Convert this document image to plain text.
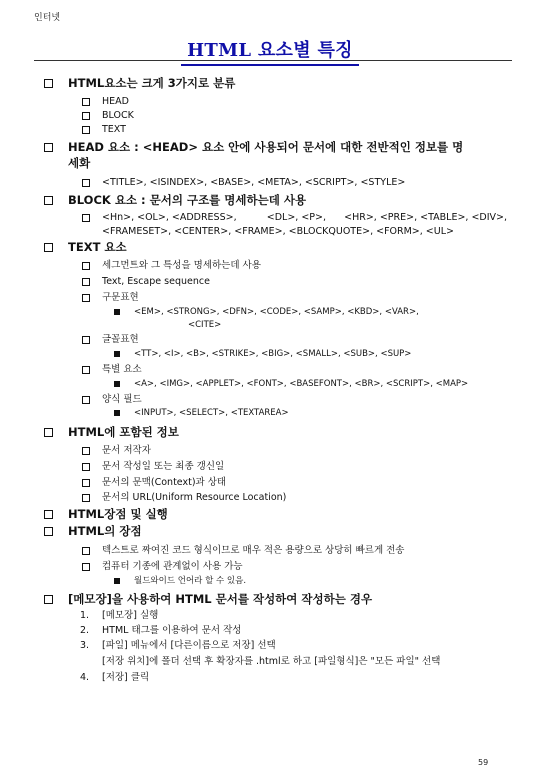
인터넷
HTML 요소별 특징
HTML요소는 크게 3가지로 분류
HEAD
BLOCK
TEXT
HEAD 요소 : <HEAD> 요소 안에 사용되어 문서에 대한 전반적인 정보를 명
세화
<TITLE>, <ISINDEX>, <BASE>, <META>, <SCRIPT>, <STYLE>
BLOCK 요소 : 문서의 구조를 명세하는데 사용
<Hn>, <OL>, <ADDRESS>,          <DL>, <P>,      <HR>, <PRE>, <TABLE>, <DIV>,
<FRAMESET>, <CENTER>, <FRAME>, <BLOCKQUOTE>, <FORM>, <UL>
TEXT 요소
세그먼트와 그 특성을 명세하는데 사용
Text, Escape sequence
구문표현
<EM>, <STRONG>, <DFN>, <CODE>, <SAMP>, <KBD>, <VAR>,
<CITE>
글꼴표현
<TT>, <I>, <B>, <STRIKE>, <BIG>, <SMALL>, <SUB>, <SUP>
특별 요소
<A>, <IMG>, <APPLET>, <FONT>, <BASEFONT>, <BR>, <SCRIPT>, <MAP>
양식 필드
<INPUT>, <SELECT>, <TEXTAREA>
HTML에 포함된 정보
문서 저작자
문서 작성일 또는 최종 갱신일
문서의 문맥(Context)과 상태
문서의 URL(Uniform Resource Location)
HTML장점 및 실행
HTML의 장점
텍스트로 짜여진 코드 형식이므로 매우 적은 용량으로 상당히 빠르게 전송
컴퓨터 기종에 관계없이 사용 가능
월드와이드 언어라 할 수 있음.
[메모장]을 사용하여 HTML 문서를 작성하여 작성하는 경우
1. [메모장] 실행
2. HTML 태그를 이용하여 문서 작성
3. [파일] 메뉴에서 [다른이름으로 저장] 선택
[저장 위치]에 폴더 선택 후 확장자를 .html로 하고 [파일형식]은 "모든 파일" 선택
4. [저장] 클릭
59
